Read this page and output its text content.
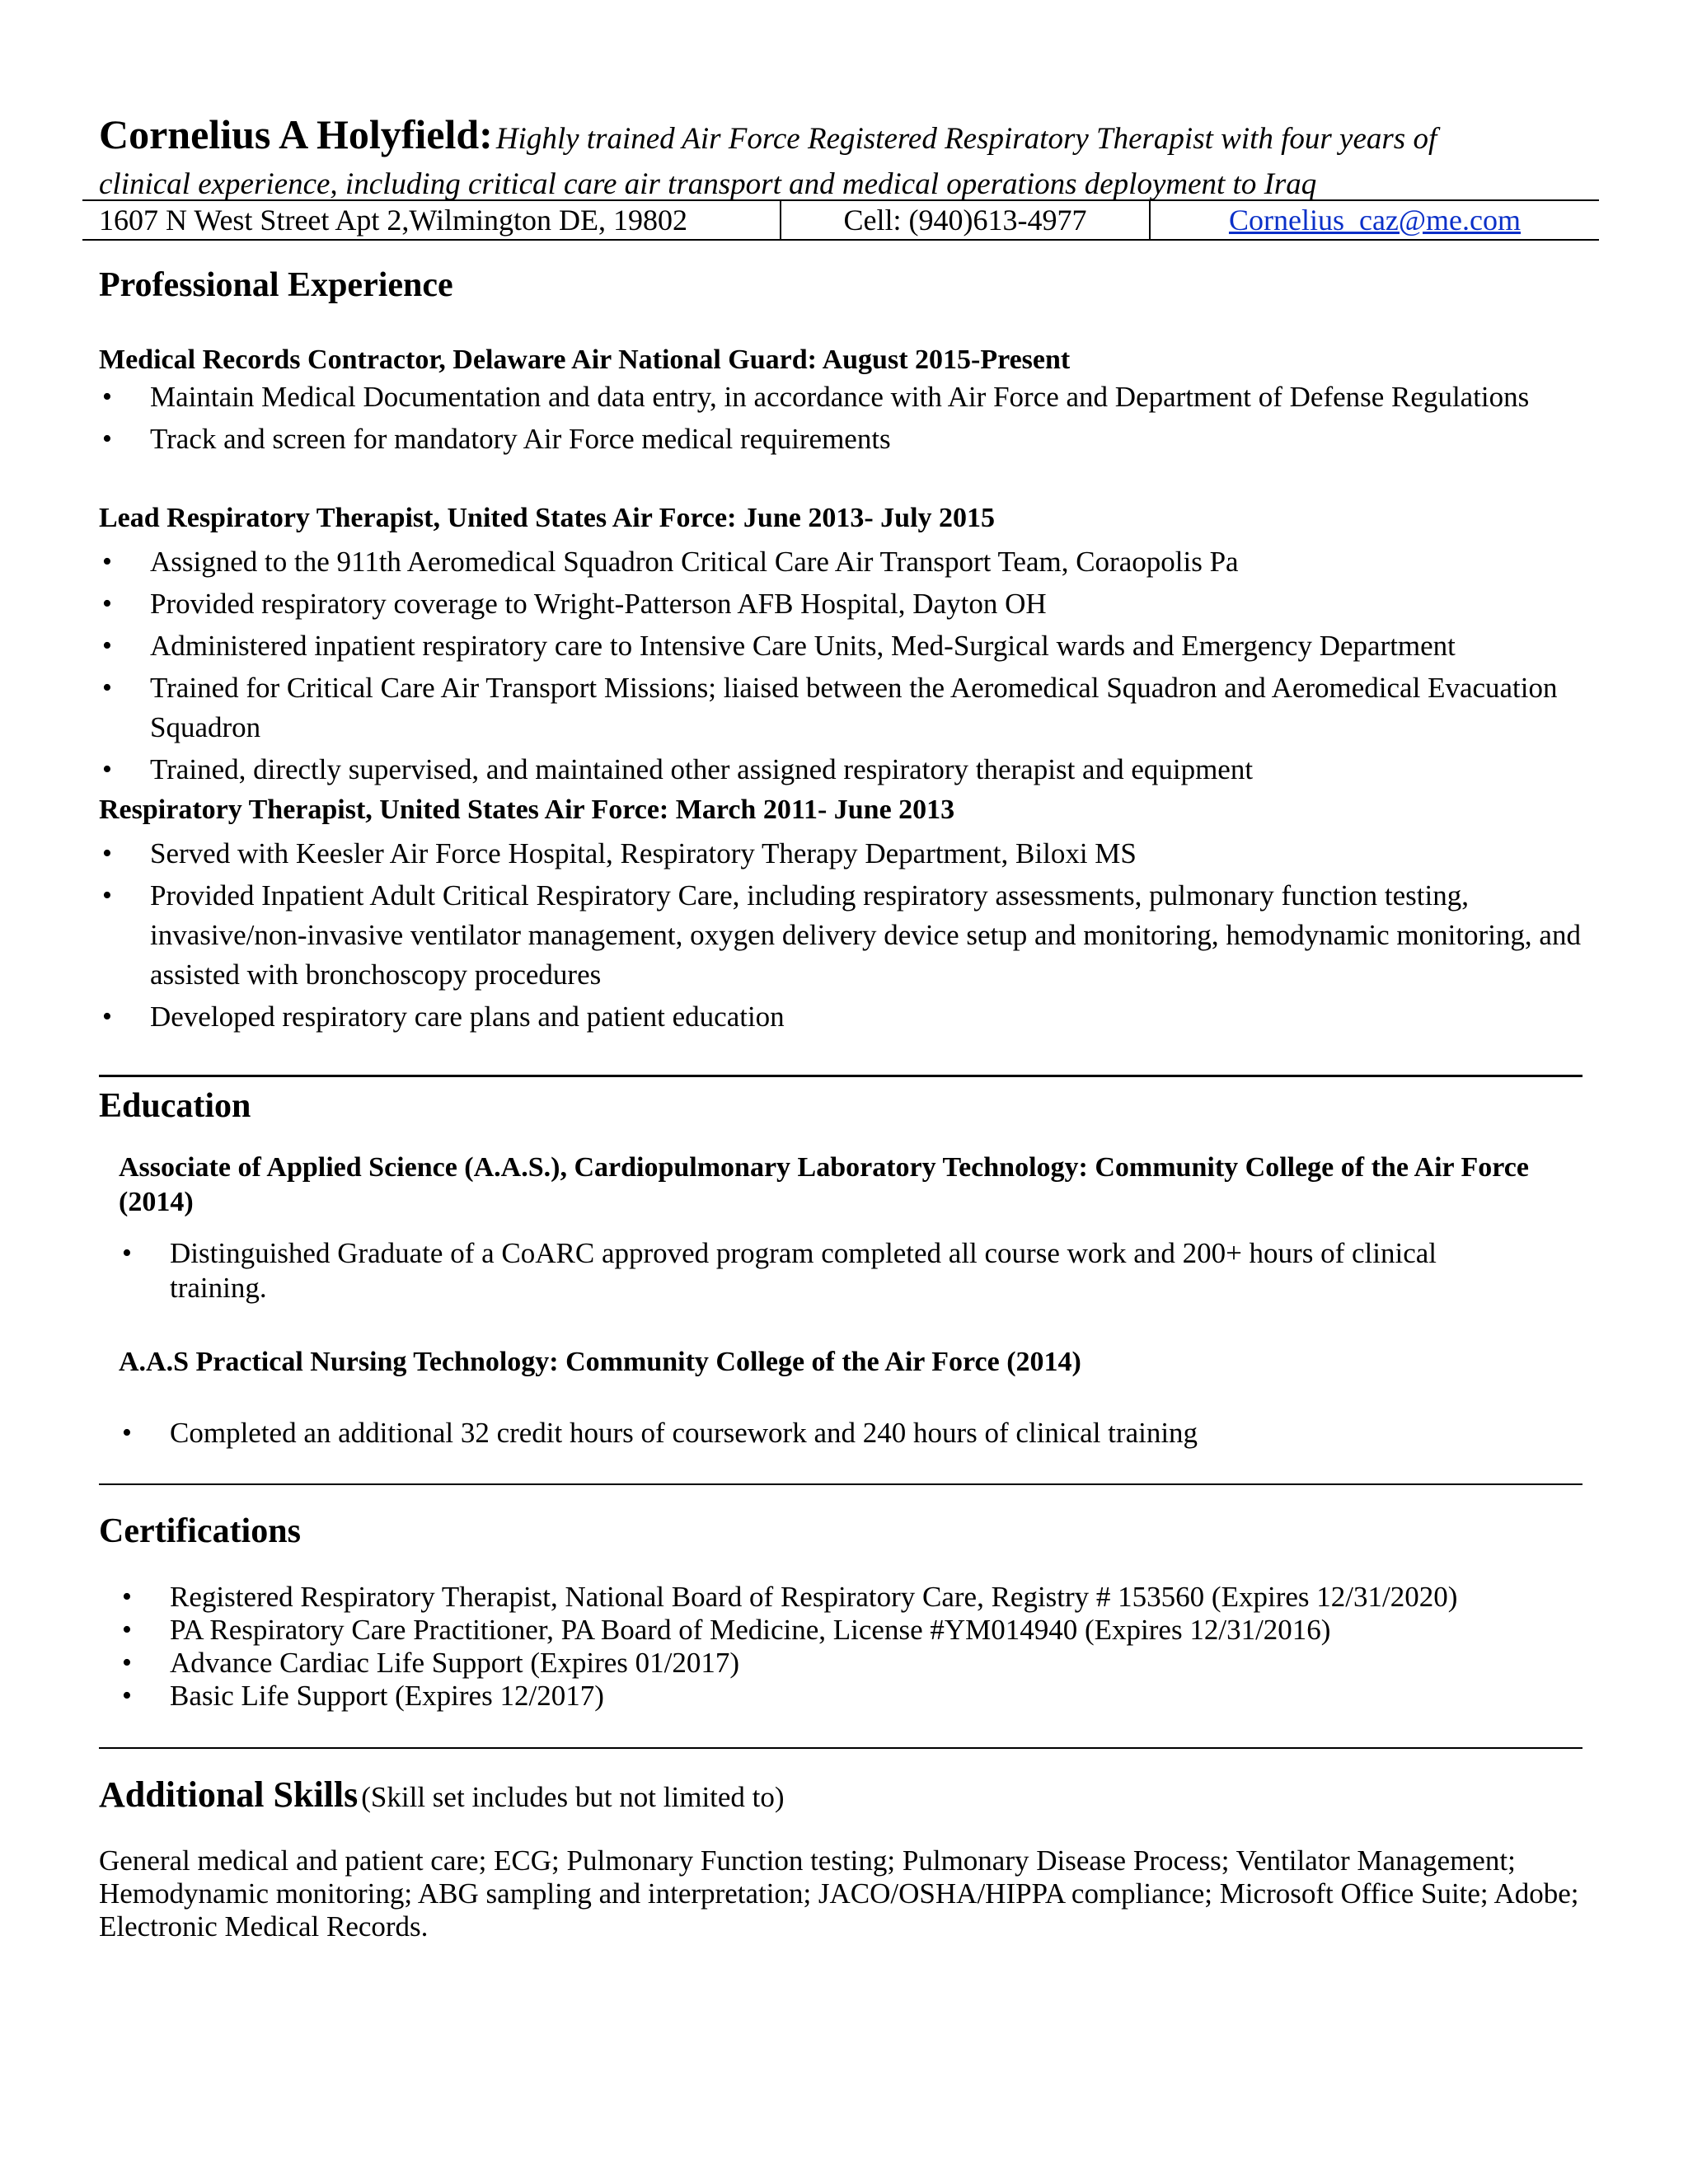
Cornelius A Holyfield: Highly trained Air Force Registered Respiratory Therapist with four years of
clinical experience, including critical care air transport and medical operations deployment to Iraq
1607 N West Street Apt 2,Wilmington DE, 19802	Cell: (940)613-4977	Cornelius_caz@me.com
Professional Experience
Medical Records Contractor, Delaware Air National Guard: August 2015-Present
• Maintain Medical Documentation and data entry, in accordance with Air Force and Department of Defense Regulations
• Track and screen for mandatory Air Force medical requirements
Lead Respiratory Therapist, United States Air Force: June 2013- July 2015
• Assigned to the 911th Aeromedical Squadron Critical Care Air Transport Team, Coraopolis Pa
• Provided respiratory coverage to Wright-Patterson AFB Hospital, Dayton OH
• Administered inpatient respiratory care to Intensive Care Units, Med-Surgical wards and Emergency Department
• Trained for Critical Care Air Transport Missions; liaised between the Aeromedical Squadron and Aeromedical Evacuation Squadron
• Trained, directly supervised, and maintained other assigned respiratory therapist and equipment
Respiratory Therapist, United States Air Force: March 2011- June 2013
• Served with Keesler Air Force Hospital, Respiratory Therapy Department, Biloxi MS
• Provided Inpatient Adult Critical Respiratory Care, including respiratory assessments, pulmonary function testing, invasive/non-invasive ventilator management, oxygen delivery device setup and monitoring, hemodynamic monitoring, and assisted with bronchoscopy procedures
• Developed respiratory care plans and patient education
Education
Associate of Applied Science (A.A.S.), Cardiopulmonary Laboratory Technology: Community College of the Air Force (2014)
• Distinguished Graduate of a CoARC approved program completed all course work and 200+ hours of clinical training.
A.A.S Practical Nursing Technology: Community College of the Air Force (2014)
• Completed an additional 32 credit hours of coursework and 240 hours of clinical training
Certifications
• Registered Respiratory Therapist, National Board of Respiratory Care, Registry # 153560 (Expires 12/31/2020)
• PA Respiratory Care Practitioner, PA Board of Medicine, License #YM014940 (Expires 12/31/2016)
• Advance Cardiac Life Support (Expires 01/2017)
• Basic Life Support (Expires 12/2017)
Additional Skills (Skill set includes but not limited to)
General medical and patient care; ECG; Pulmonary Function testing; Pulmonary Disease Process; Ventilator Management; Hemodynamic monitoring; ABG sampling and interpretation; JACO/OSHA/HIPPA compliance; Microsoft Office Suite; Adobe; Electronic Medical Records.
